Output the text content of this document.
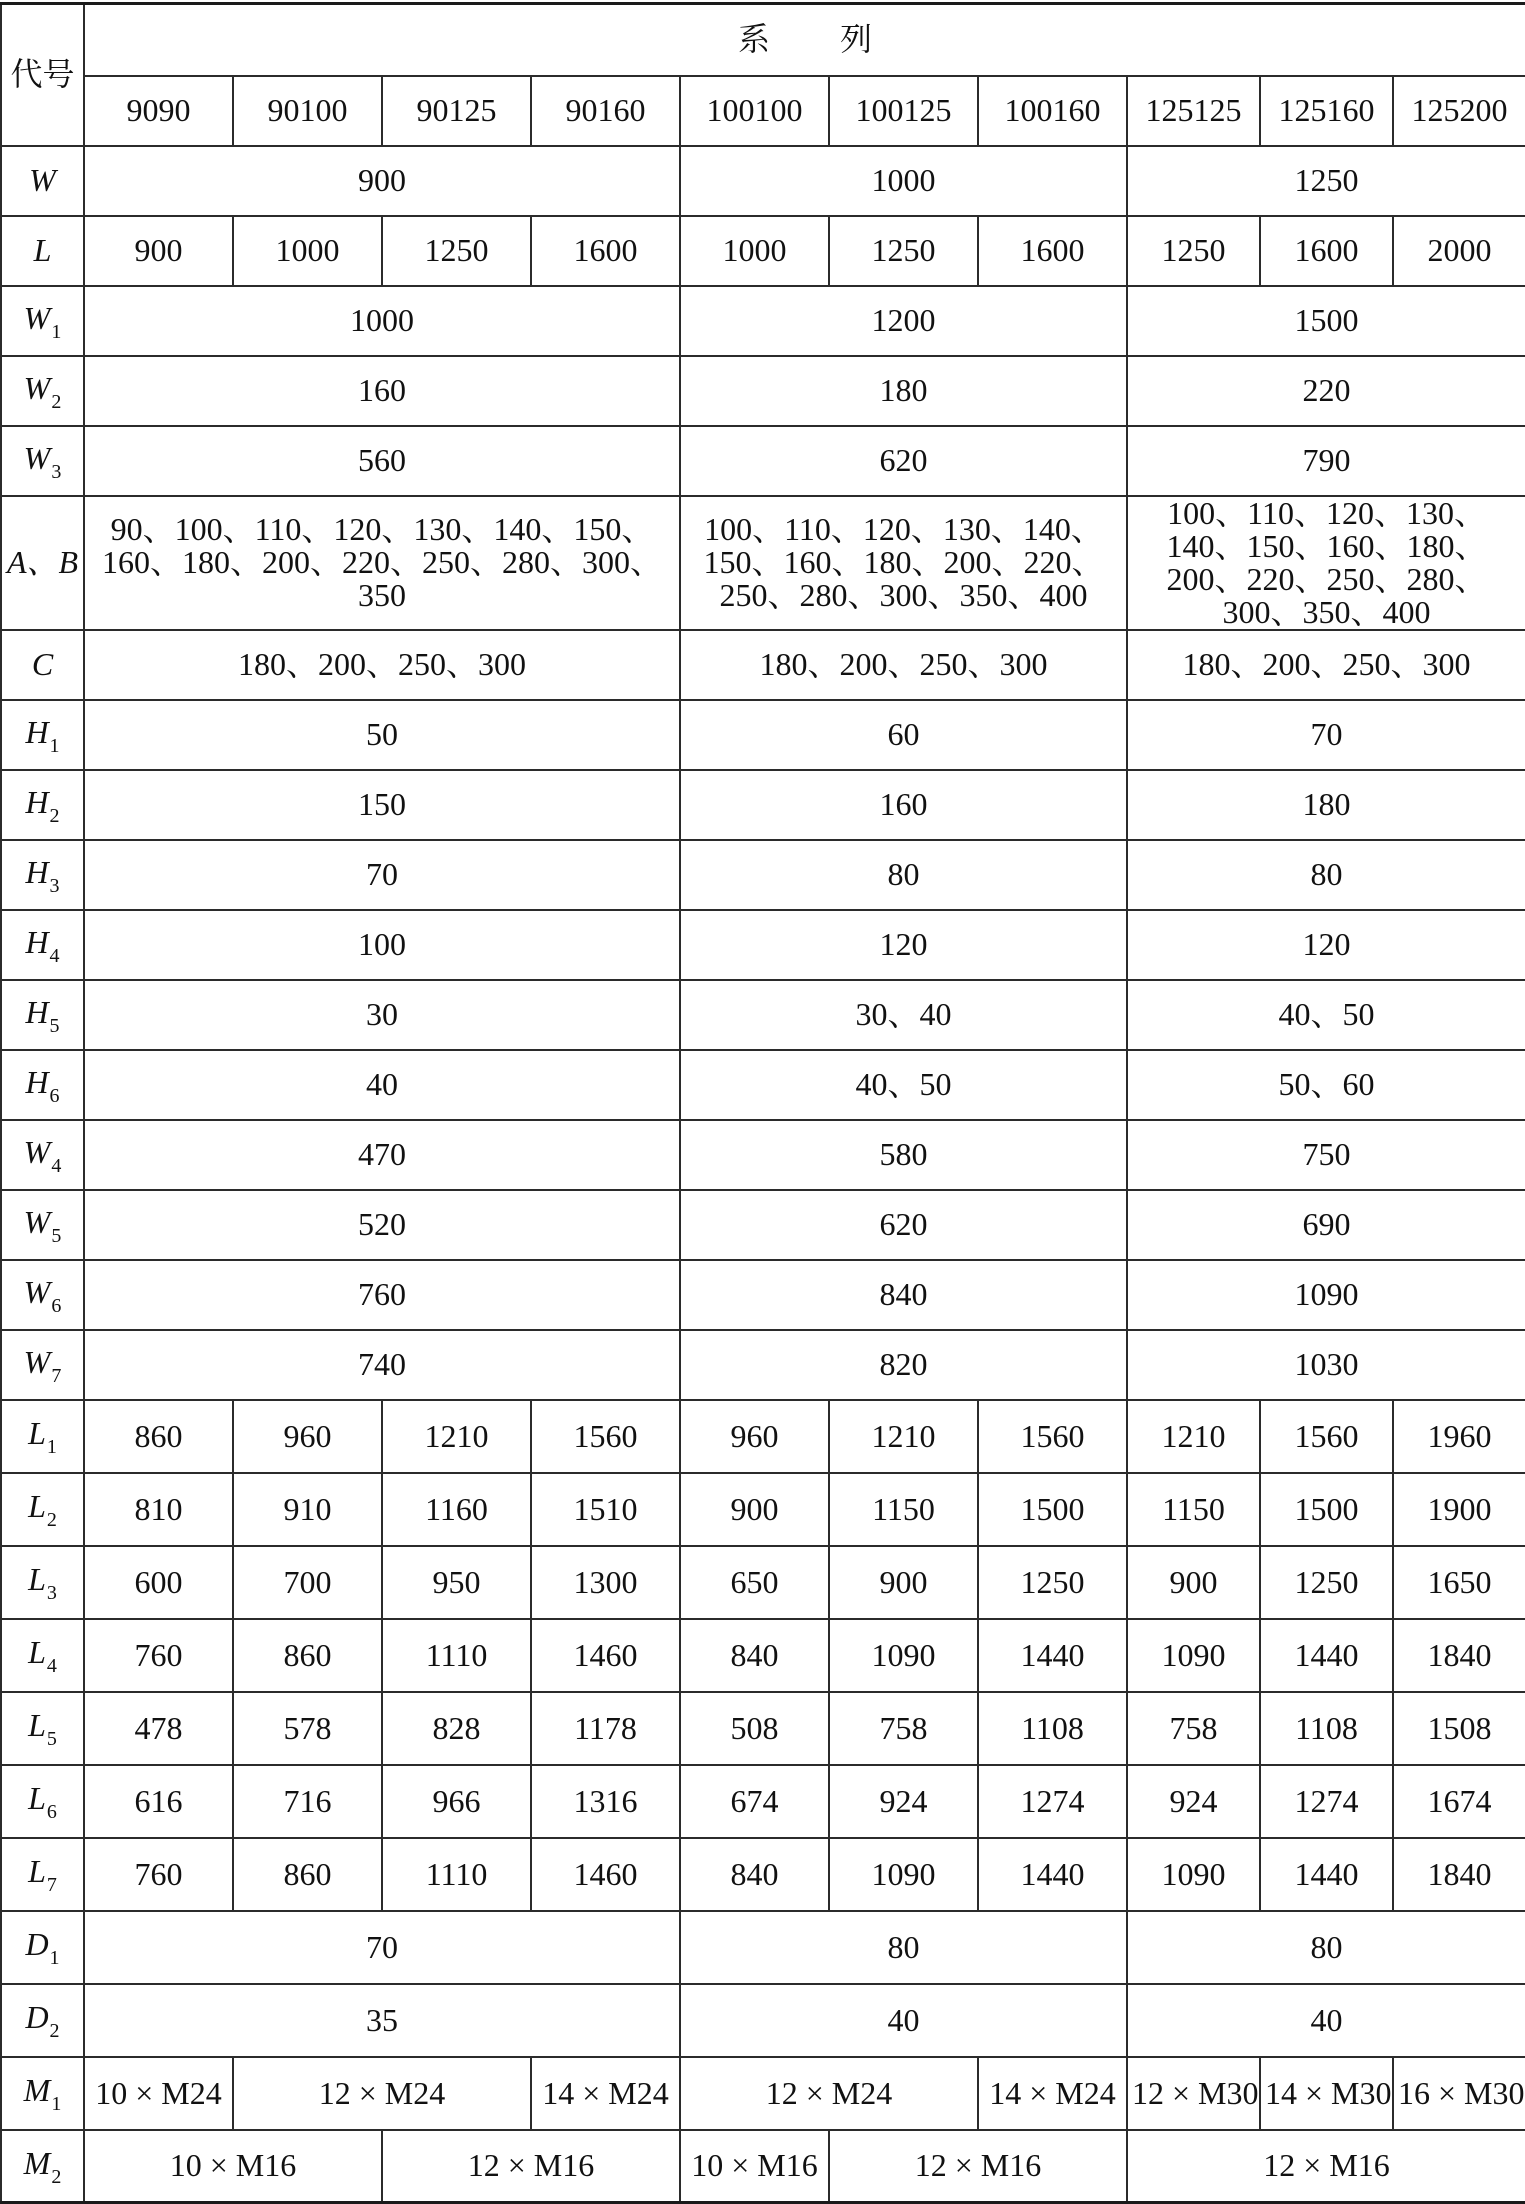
代号	系列									
	9090	90100	90125	90160	100100	100125	100160	125125	125160	125200
W	900				1000			1250		
L	900	1000	1250	1600	1000	1250	1600	1250	1600	2000
$W_1$	1000				1200			1500		
$W_2$	160				180			220		
$W_3$	560				620			790		
A、B	90、100、110、120、130、140、150、160、180、200、220、250、280、300、350				100、110、120、130、140、150、160、180、200、220、250、280、300、350、400			100、110、120、130、140、150、160、180、200、220、250、280、300、350、400		
C	180、200、250、300				180、200、250、300			180、200、250、300		
$H_1$	50				60			70		
$H_2$	150				160			180		
$H_3$	70				80			80		
$H_4$	100				120			120		
$H_5$	30				30、40			40、50		
$H_6$	40				40、50			50、60		
$W_4$	470				580			750		
$W_5$	520				620			690		
$W_6$	760				840			1090		
$W_7$	740				820			1030		
$L_1$	860	960	1210	1560	960	1210	1560	1210	1560	1960
$L_2$	810	910	1160	1510	900	1150	1500	1150	1500	1900
$L_3$	600	700	950	1300	650	900	1250	900	1250	1650
$L_4$	760	860	1110	1460	840	1090	1440	1090	1440	1840
$L_5$	478	578	828	1178	508	758	1108	758	1108	1508
$L_6$	616	716	966	1316	674	924	1274	924	1274	1674
$L_7$	760	860	1110	1460	840	1090	1440	1090	1440	1840
$D_1$	70				80			80		
$D_2$	35				40			40		
$M_1$	10 × M24	12 × M24		14 × M24	12 × M24		14 × M24	12 × M30	14 × M30	16 × M30
$M_2$	10 × M16		12 × M16		10 × M16	12 × M16		12 × M16		
